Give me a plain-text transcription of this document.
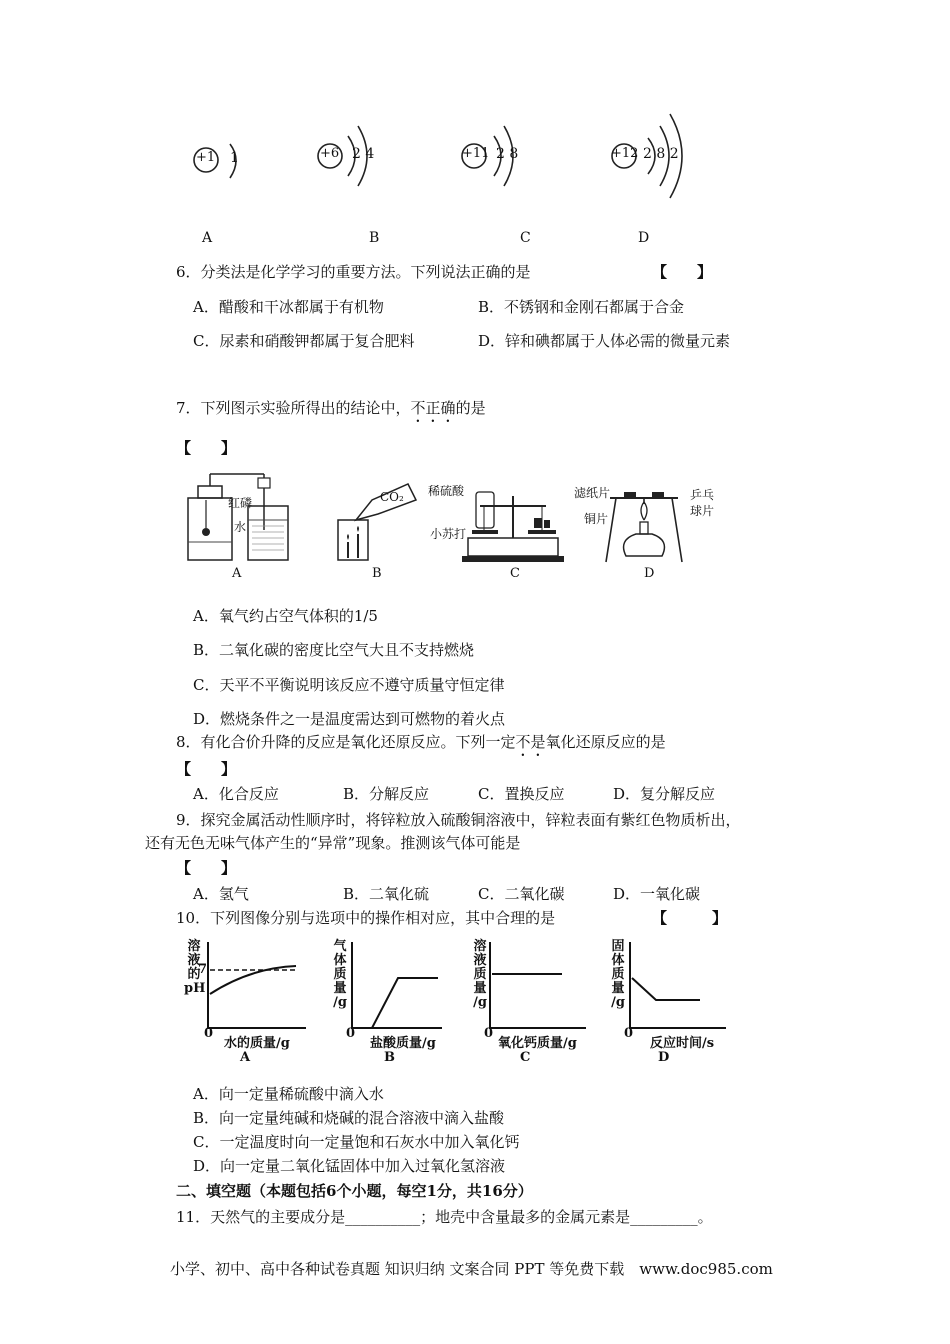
+1 1	+6 2 4	+11 2 8	+12 2 8 2
A	B	C	D
6．分类法是化学学习的重要方法。下列说法正确的是	【　　】
A．醋酸和干冰都属于有机物	B．不锈钢和金刚石都属于合金
C．尿素和硝酸钾都属于复合肥料	D．锌和碘都属于人体必需的微量元素
7．下列图示实验所得出的结论中，不正确的是
【　　】
红磷
水
CO₂ 稀硫酸
小苏打
滤纸片	乒乓
球片
铜片
A	B	C	D
A．氧气约占空气体积的1/5
B．二氧化碳的密度比空气大且不支持燃烧
C．天平不平衡说明该反应不遵守质量守恒定律
D．燃烧条件之一是温度需达到可燃物的着火点
8．有化合价升降的反应是氧化还原反应。下列一定不是氧化还原反应的是
【　　】
A．化合反应	B．分解反应	C．置换反应	D．复分解反应
9．探究金属活动性顺序时，将锌粒放入硫酸铜溶液中，锌粒表面有紫红色物质析出，
还有无色无味气体产生的“异常”现象。推测该气体可能是
【　　】
A．氢气	B．二氧化硫	C．二氧化碳	D．一氧化碳
10．下列图像分别与选项中的操作相对应，其中合理的是	【　　　】
溶
液
的
pH
7
0
水的质量/g
A
气
体
质
量
/g
0
盐酸质量/g
B
溶
液
质
量
/g
0
氧化钙质量/g
C
固
体
质
量
/g
0
反应时间/s
D
A．向一定量稀硫酸中滴入水
B．向一定量纯碱和烧碱的混合溶液中滴入盐酸
C．一定温度时向一定量饱和石灰水中加入氧化钙
D．向一定量二氧化锰固体中加入过氧化氢溶液
二、填空题（本题包括6个小题，每空1分，共16分）
11．天然气的主要成分是__________；地壳中含量最多的金属元素是_________。
小学、初中、高中各种试卷真题 知识归纳 文案合同 PPT 等免费下载　www.doc985.com
